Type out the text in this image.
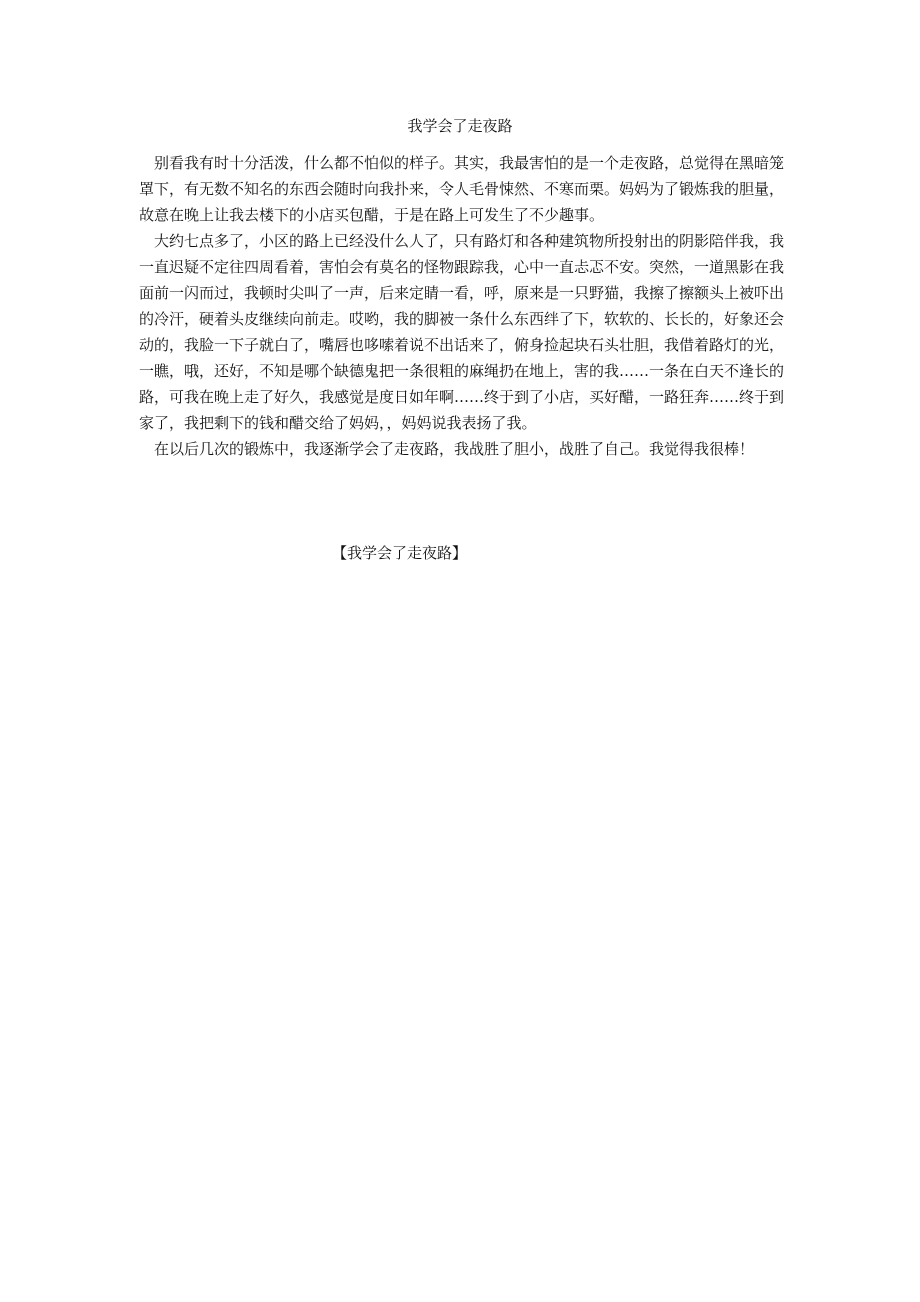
我学会了走夜路

别看我有时十分活泼，什么都不怕似的样子。其实，我最害怕的是一个走夜路，总觉得在黑暗笼罩下，有无数不知名的东西会随时向我扑来，令人毛骨悚然、不寒而栗。妈妈为了锻炼我的胆量，故意在晚上让我去楼下的小店买包醋，于是在路上可发生了不少趣事。

大约七点多了，小区的路上已经没什么人了，只有路灯和各种建筑物所投射出的阴影陪伴我，我一直迟疑不定往四周看着，害怕会有莫名的怪物跟踪我，心中一直忐忑不安。突然，一道黑影在我面前一闪而过，我顿时尖叫了一声，后来定睛一看，呼，原来是一只野猫，我擦了擦额头上被吓出的冷汗，硬着头皮继续向前走。哎哟，我的脚被一条什么东西绊了下，软软的、长长的，好象还会动的，我脸一下子就白了，嘴唇也哆嗦着说不出话来了，俯身捡起块石头壮胆，我借着路灯的光，一瞧，哦，还好，不知是哪个缺德鬼把一条很粗的麻绳扔在地上，害的我……一条在白天不逢长的路，可我在晚上走了好久，我感觉是度日如年啊……终于到了小店，买好醋，一路狂奔……终于到家了，我把剩下的钱和醋交给了妈妈，，妈妈说我表扬了我。

在以后几次的锻炼中，我逐渐学会了走夜路，我战胜了胆小，战胜了自己。我觉得我很棒！

【我学会了走夜路】
